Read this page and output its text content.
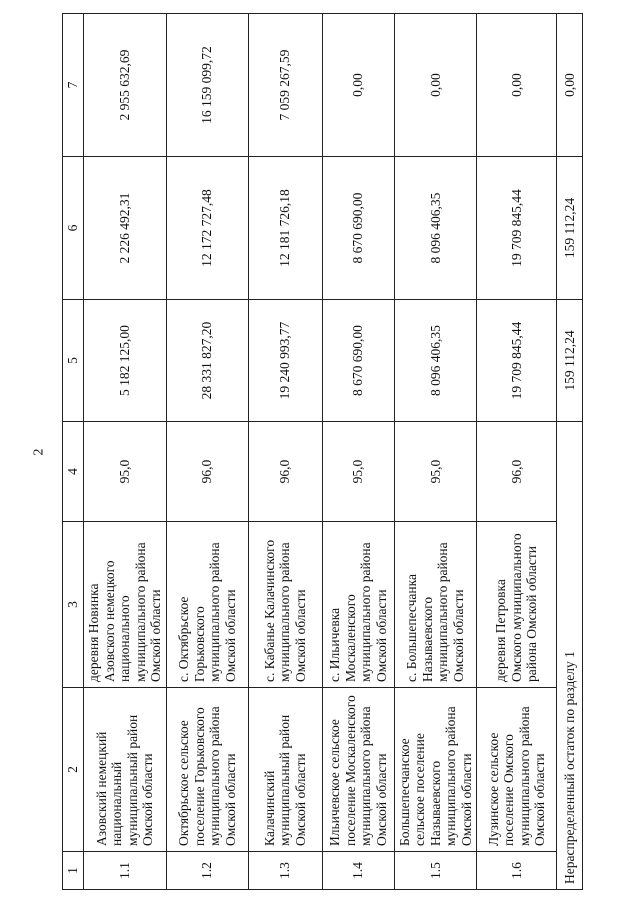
2
1	2	3	4	5	6	7
1.1	Азовский немецкий национальный муниципальный район Омской области	деревня Новинка Азовского немецкого национального муниципального района Омской области	95,0	5 182 125,00	2 226 492,31	2 955 632,69
1.2	Октябрьское сельское поселение Горьковского муниципального района Омской области	с. Октябрьское Горьковского муниципального района Омской области	96,0	28 331 827,20	12 172 727,48	16 159 099,72
1.3	Калачинский муниципальный район Омской области	с. Кабанье Калачинского муниципального района Омской области	96,0	19 240 993,77	12 181 726,18	7 059 267,59
1.4	Ильичевское сельское поселение Москаленского муниципального района Омской области	с. Ильичевка Москаленского муниципального района Омской области	95,0	8 670 690,00	8 670 690,00	0,00
1.5	Большепесчанское сельское поселение Называевского муниципального района Омской области	с. Большепесчанка Называевского муниципального района Омской области	95,0	8 096 406,35	8 096 406,35	0,00
1.6	Лузинское сельское поселение Омского муниципального района Омской области	деревня Петровка Омского муниципального района Омской области	96,0	19 709 845,44	19 709 845,44	0,00
Нераспределенный остаток по разделу 1				159 112,24	159 112,24	0,00
